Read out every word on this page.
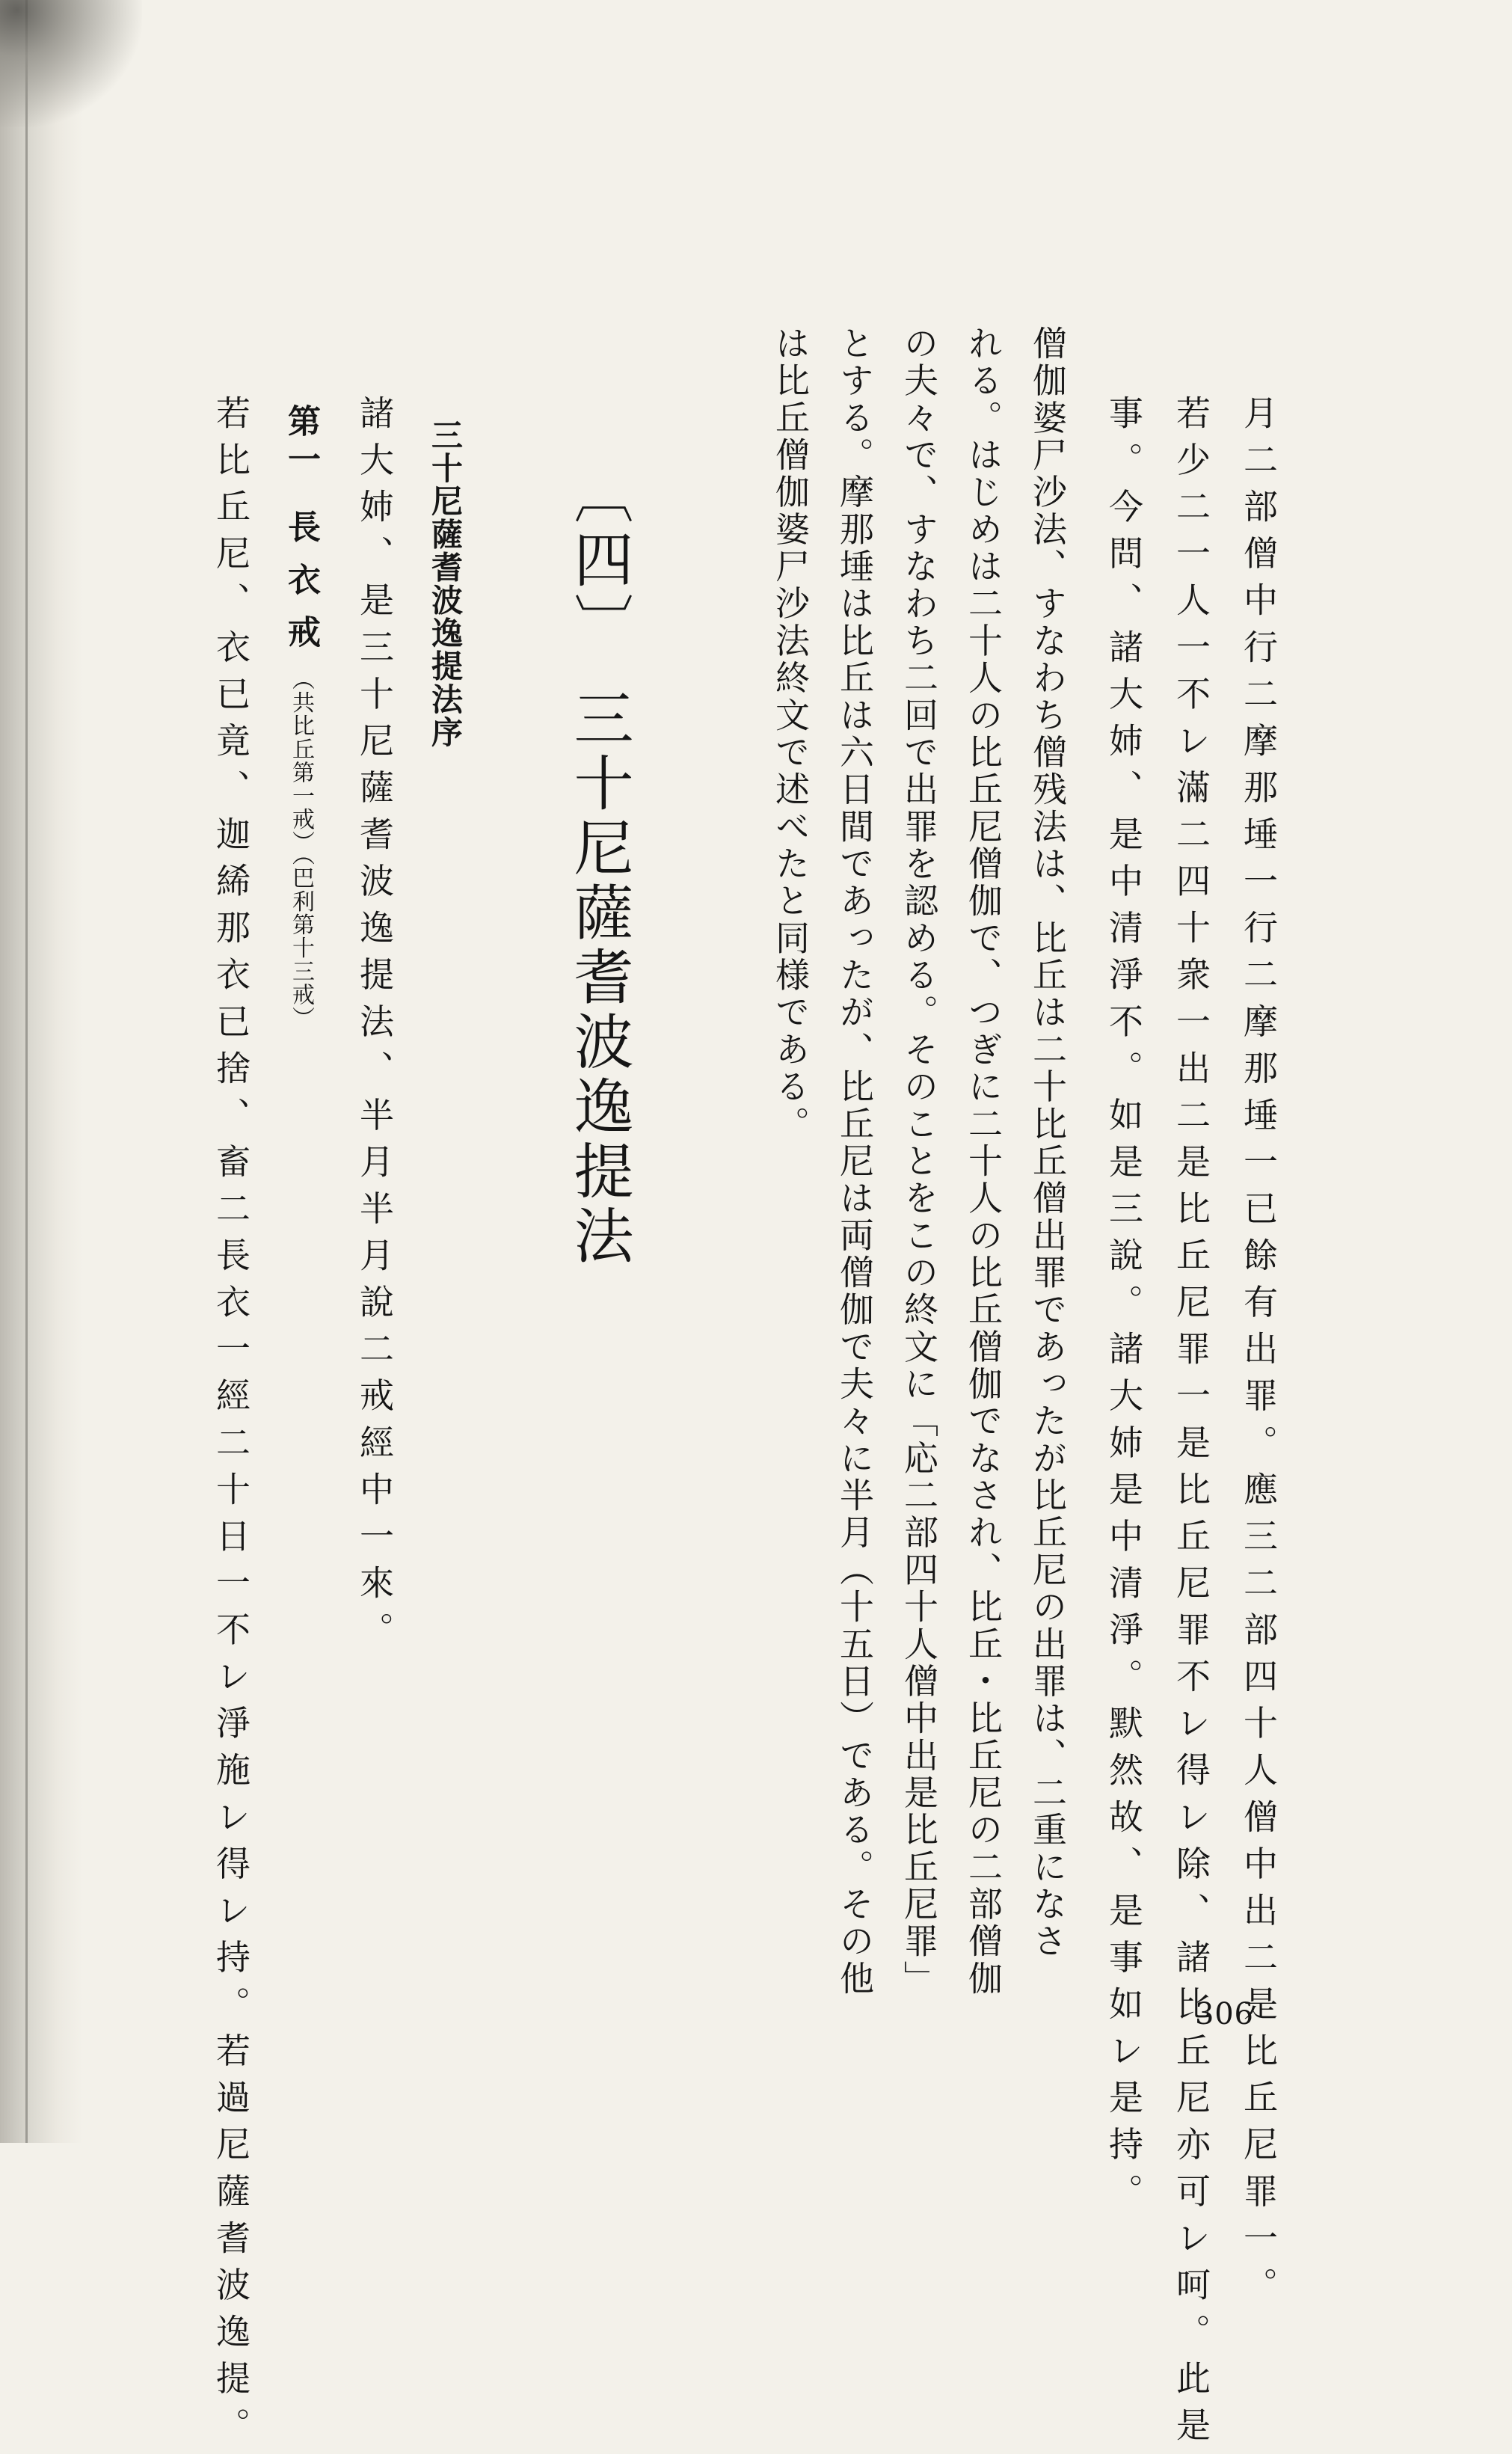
月二部僧中行二摩那埵一行二摩那埵一已餘有出罪。應三二部四十人僧中出二是比丘尼罪一。
若少二一人一不レ滿二四十衆一出二是比丘尼罪一是比丘尼罪不レ得レ除、諸比丘尼亦可レ呵。此是
事。今問、諸大姉、是中清淨不。如是三說。諸大姉是中清淨。默然故、是事如レ是持。
僧伽婆尸沙法、すなわち僧残法は、比丘は二十比丘僧出罪であったが比丘尼の出罪は、二重になさ
れる。はじめは二十人の比丘尼僧伽で、つぎに二十人の比丘僧伽でなされ、比丘・比丘尼の二部僧伽
の夫々で、すなわち二回で出罪を認める。そのことをこの終文に「応二部四十人僧中出是比丘尼罪」
とする。摩那埵は比丘は六日間であったが、比丘尼は両僧伽で夫々に半月（十五日）である。その他
は比丘僧伽婆尸沙法終文で述べたと同様である。
〔四〕三十尼薩耆波逸提法
三十尼薩耆波逸提法序
諸大姉、是三十尼薩耆波逸提法、半月半月說二戒經中一來。
第一長衣戒（共比丘第一戒）（巴利第十三戒）
若比丘尼、衣已竟、迦絺那衣已捨、畜二長衣一經二十日一不レ淨施レ得レ持。若過尼薩耆波逸提。	306
